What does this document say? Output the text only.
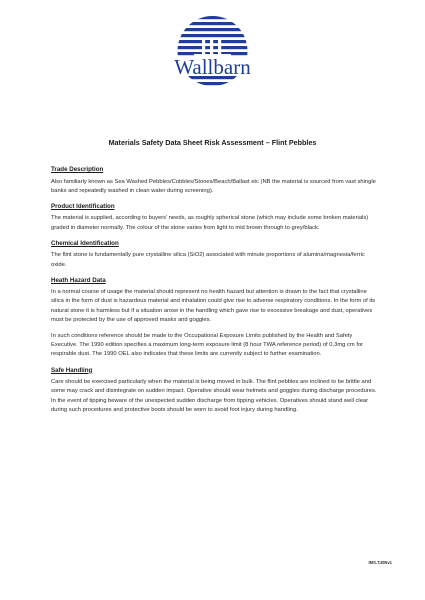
Wallbarn
Materials Safety Data Sheet Risk Assessment – Flint Pebbles
Trade Description

Also familiarly known as Sea Washed Pebbles/Cobbles/Stones/Beach/Ballast etc (NB the material is sourced from vast shingle banks and repeatedly washed in clean water during screening).

Product Identification

The material is supplied, according to buyers’ needs, as roughly spherical stone (which may include some broken materials) graded in diameter normally. The colour of the stone varies from light to mid brown through to grey/black.

Chemical Identification

The flint stone is fundamentally pure crystalline silica (SiO2) associated with minute proportions of alumina/magnesia/ferric oxide.

Heath Hazard Data

In a normal course of usage the material should represent no health hazard but attention is drawn to the fact that crystalline silica in the form of dust is hazardous material and inhalation could give rise to adverse respiratory conditions. In the form of its natural stone it is harmless but if a situation arose in the handling which gave rise to excessive breakage and dust, operatives must be protected by the use of approved masks and goggles.

In such conditions reference should be made to the Occupational Exposure Limits published by the Health and Safety Executive. The 1990 edition specifies a maximum long-term exposure limit (8 hour TWA reference period) of 0.3mg cm for respirable dust. The 1990 OEL also indicates that these limits are currently subject to further examination.

Safe Handling

Care should be exercised particularly when the material is being moved in bulk. The flint pebbles are inclined to be brittle and some may crack and disintegrate on sudden impact. Operative should wear helmets and goggles during discharge procedures. In the event of tipping beware of the unexpected sudden discharge from tipping vehicles. Operatives should stand well clear during such procedures and protective boots should be worn to avoid foot injury during handling.

IMS.T.805v1
